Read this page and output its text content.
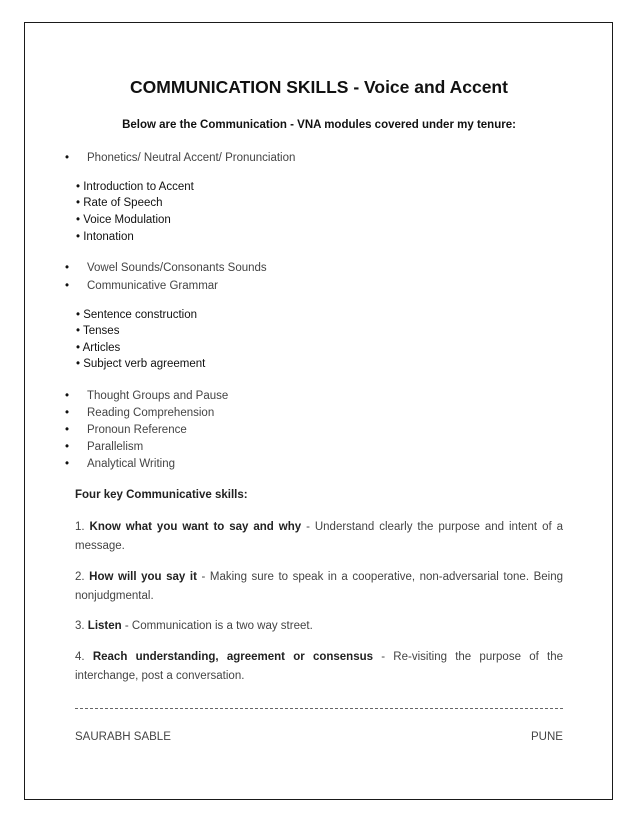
COMMUNICATION SKILLS - Voice and Accent
Below are the Communication - VNA modules covered under my tenure:
• Phonetics/ Neutral Accent/ Pronunciation
• Introduction to Accent
• Rate of Speech
• Voice Modulation
• Intonation
• Vowel Sounds/Consonants Sounds
• Communicative Grammar
• Sentence construction
• Tenses
• Articles
• Subject verb agreement
• Thought Groups and Pause
• Reading Comprehension
• Pronoun Reference
• Parallelism
• Analytical Writing
Four key Communicative skills:
1. Know what you want to say and why - Understand clearly the purpose and intent of a message.
2. How will you say it - Making sure to speak in a cooperative, non-adversarial tone. Being nonjudgmental.
3. Listen - Communication is a two way street.
4. Reach understanding, agreement or consensus - Re-visiting the purpose of the interchange, post a conversation.
SAURABH SABLE	PUNE
